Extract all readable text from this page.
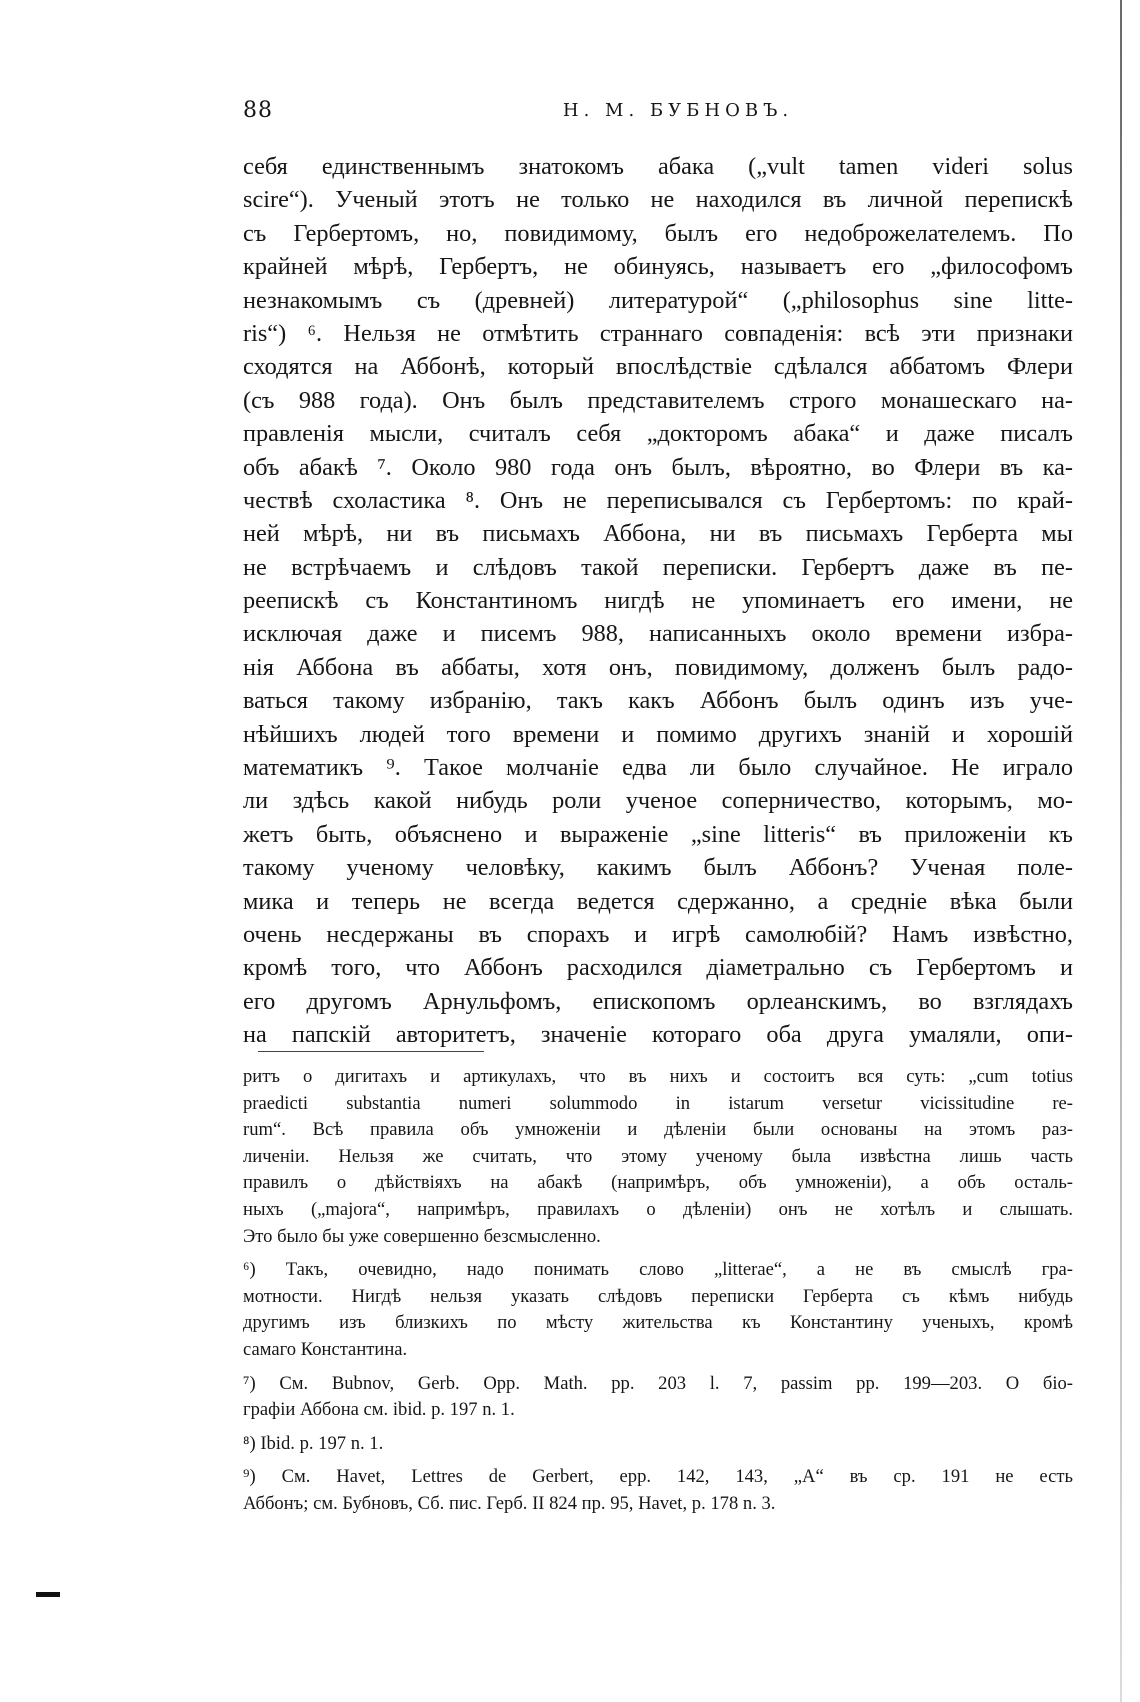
88	Н. М. БУБНОВЪ.
себя единственнымъ знатокомъ абака („vult tamen videri solus
scire“). Ученый этотъ не только не находился въ личной перепискѣ
съ Гербертомъ, но, повидимому, былъ его недоброжелателемъ. По
крайней мѣрѣ, Гербертъ, не обинуясь, называетъ его „философомъ
незнакомымъ съ (древней) литературой“ („philosophus sine litte-
ris“) ⁶. Нельзя не отмѣтить страннаго совпаденія: всѣ эти признаки
сходятся на Аббонѣ, который впослѣдствіе сдѣлался аббатомъ Флери
(съ 988 года). Онъ былъ представителемъ строго монашескаго на-
правленія мысли, считалъ себя „докторомъ абака“ и даже писалъ
объ абакѣ ⁷. Около 980 года онъ былъ, вѣроятно, во Флери въ ка-
чествѣ схоластика ⁸. Онъ не переписывался съ Гербертомъ: по край-
ней мѣрѣ, ни въ письмахъ Аббона, ни въ письмахъ Герберта мы
не встрѣчаемъ и слѣдовъ такой переписки. Гербертъ даже въ пе-
реепискѣ съ Константиномъ нигдѣ не упоминаетъ его имени, не
исключая даже и писемъ 988, написанныхъ около времени избра-
нія Аббона въ аббаты, хотя онъ, повидимому, долженъ былъ радо-
ваться такому избранію, такъ какъ Аббонъ былъ одинъ изъ уче-
нѣйшихъ людей того времени и помимо другихъ знаній и хорошій
математикъ ⁹. Такое молчаніе едва ли было случайное. Не играло
ли здѣсь какой нибудь роли ученое соперничество, которымъ, мо-
жетъ быть, объяснено и выраженіе „sine litteris“ въ приложеніи къ
такому ученому человѣку, какимъ былъ Аббонъ? Ученая поле-
мика и теперь не всегда ведется сдержанно, а средніе вѣка были
очень несдержаны въ спорахъ и игрѣ самолюбій? Намъ извѣстно,
кромѣ того, что Аббонъ расходился діаметрально съ Гербертомъ и
его другомъ Арнульфомъ, епископомъ орлеанскимъ, во взглядахъ
на папскій авторитетъ, значеніе котораго оба друга умаляли, опи-
ритъ о дигитахъ и артикулахъ, что въ нихъ и состоитъ вся суть: „cum totius
praedicti substantia numeri solummodo in istarum versetur vicissitudine re-
rum“. Всѣ правила объ умноженіи и дѣленіи были основаны на этомъ раз-
личеніи. Нельзя же считать, что этому ученому была извѣстна лишь часть
правилъ о дѣйствіяхъ на абакѣ (напримѣръ, объ умноженіи), а объ осталь-
ныхъ („majora“, напримѣръ, правилахъ о дѣленіи) онъ не хотѣлъ и слышать.
Это было бы уже совершенно безсмысленно.
⁶) Такъ, очевидно, надо понимать слово „litterae“, а не въ смыслѣ гра-
мотности. Нигдѣ нельзя указать слѣдовъ переписки Герберта съ кѣмъ нибудь
другимъ изъ близкихъ по мѣсту жительства къ Константину ученыхъ, кромѣ
самаго Константина.
⁷) См. Bubnov, Gerb. Opp. Math. pp. 203 l. 7, passim pp. 199—203. О біо-
графіи Аббона см. ibid. p. 197 n. 1.
⁸) Ibid. p. 197 n. 1.
⁹) См. Havet, Lettres de Gerbert, epp. 142, 143, „A“ въ ср. 191 не есть
Аббонъ; см. Бубновъ, Сб. пис. Герб. II 824 пр. 95, Havet, p. 178 n. 3.
